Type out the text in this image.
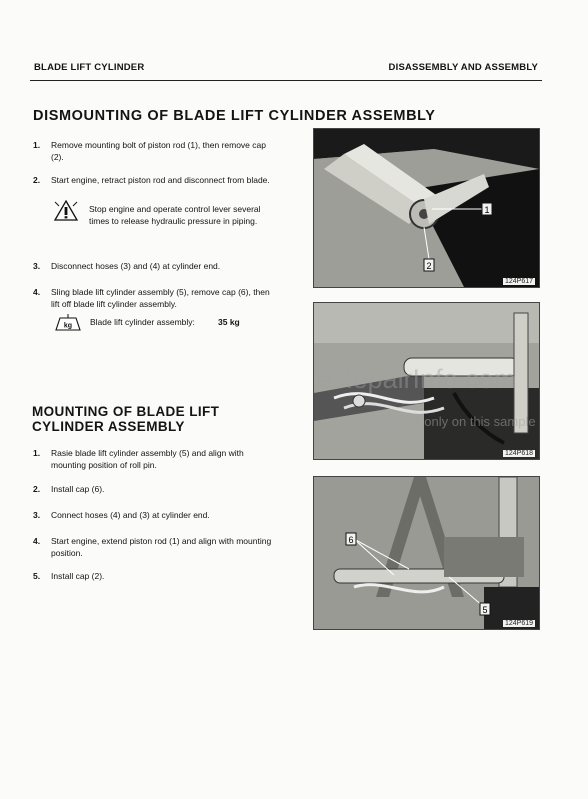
BLADE LIFT CYLINDER	DISASSEMBLY AND ASSEMBLY
DISMOUNTING OF BLADE LIFT CYLINDER ASSEMBLY
1. Remove mounting bolt of piston rod (1), then remove cap (2).
2. Start engine, retract piston rod and disconnect from blade.
Stop engine and operate control lever several times to release hydraulic pressure in piping.
3. Disconnect hoses (3) and (4) at cylinder end.
4. Sling blade lift cylinder assembly (5), remove cap (6), then lift off blade lift cylinder assembly.
kg Blade lift cylinder assembly:	35 kg
MOUNTING OF BLADE LIFT CYLINDER ASSEMBLY
1. Rasie blade lift cylinder assembly (5) and align with mounting position of roll pin.
2. Install cap (6).
3. Connect hoses (4) and (3) at cylinder end.
4. Start engine, extend piston rod (1) and align with mounting position.
5. Install cap (2).
1
2
124P617
124P618
6
5
124P619
eRepairInfo.com
watermark only on this sample
